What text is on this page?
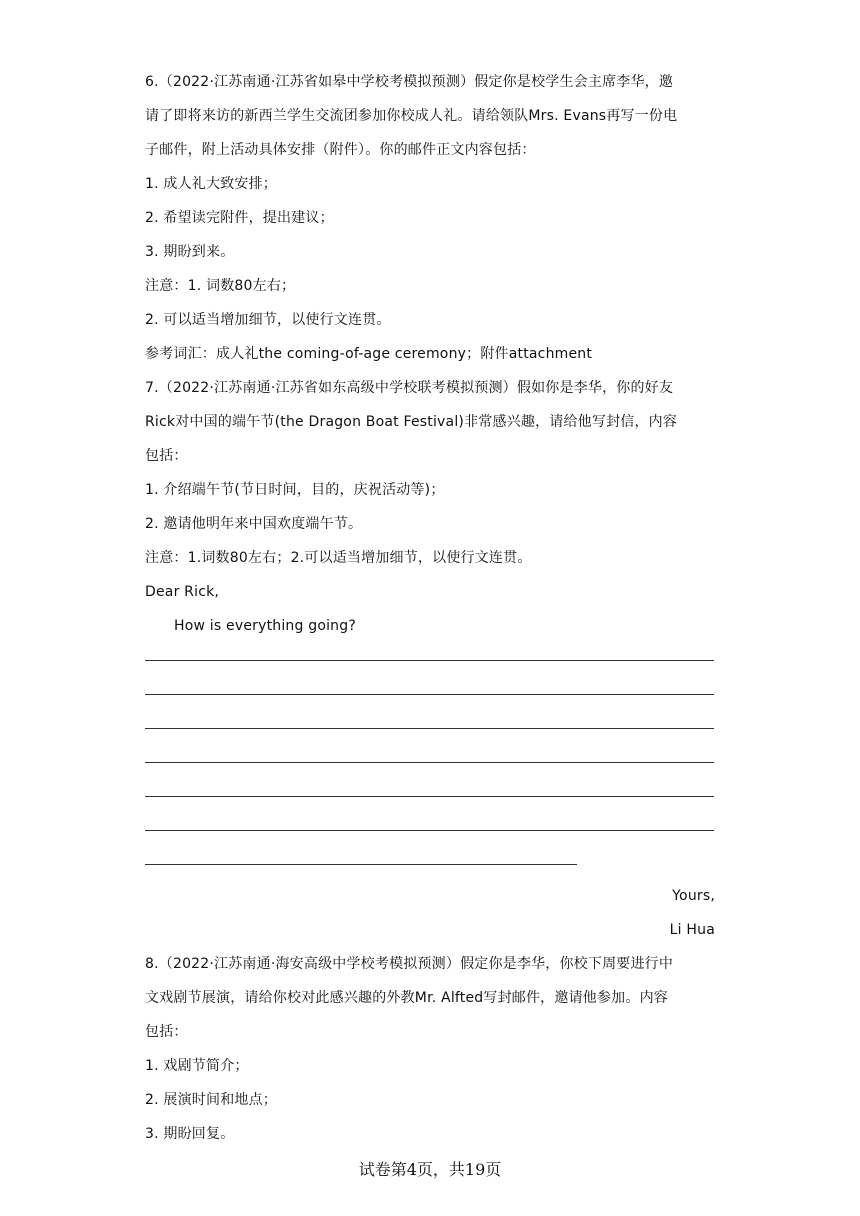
6.（2022·江苏南通·江苏省如皋中学校考模拟预测）假定你是校学生会主席李华，邀
请了即将来访的新西兰学生交流团参加你校成人礼。请给领队Mrs. Evans再写一份电
子邮件，附上活动具体安排（附件）。你的邮件正文内容包括：
1. 成人礼大致安排；
2. 希望读完附件，提出建议；
3. 期盼到来。
注意：1. 词数80左右；
2. 可以适当增加细节，以使行文连贯。
参考词汇：成人礼the coming-of-age ceremony；附件attachment
7.（2022·江苏南通·江苏省如东高级中学校联考模拟预测）假如你是李华，你的好友
Rick对中国的端午节(the Dragon Boat Festival)非常感兴趣，请给他写封信，内容
包括：
1. 介绍端午节(节日时间，目的，庆祝活动等)；
2. 邀请他明年来中国欢度端午节。
注意：1.词数80左右；2.可以适当增加细节，以使行文连贯。
Dear Rick,
How is everything going?
Yours,
Li Hua
8.（2022·江苏南通·海安高级中学校考模拟预测）假定你是李华，你校下周要进行中
文戏剧节展演，请给你校对此感兴趣的外教Mr. Alfted写封邮件，邀请他参加。内容
包括：
1. 戏剧节简介；
2. 展演时间和地点；
3. 期盼回复。
试卷第4页，共19页
